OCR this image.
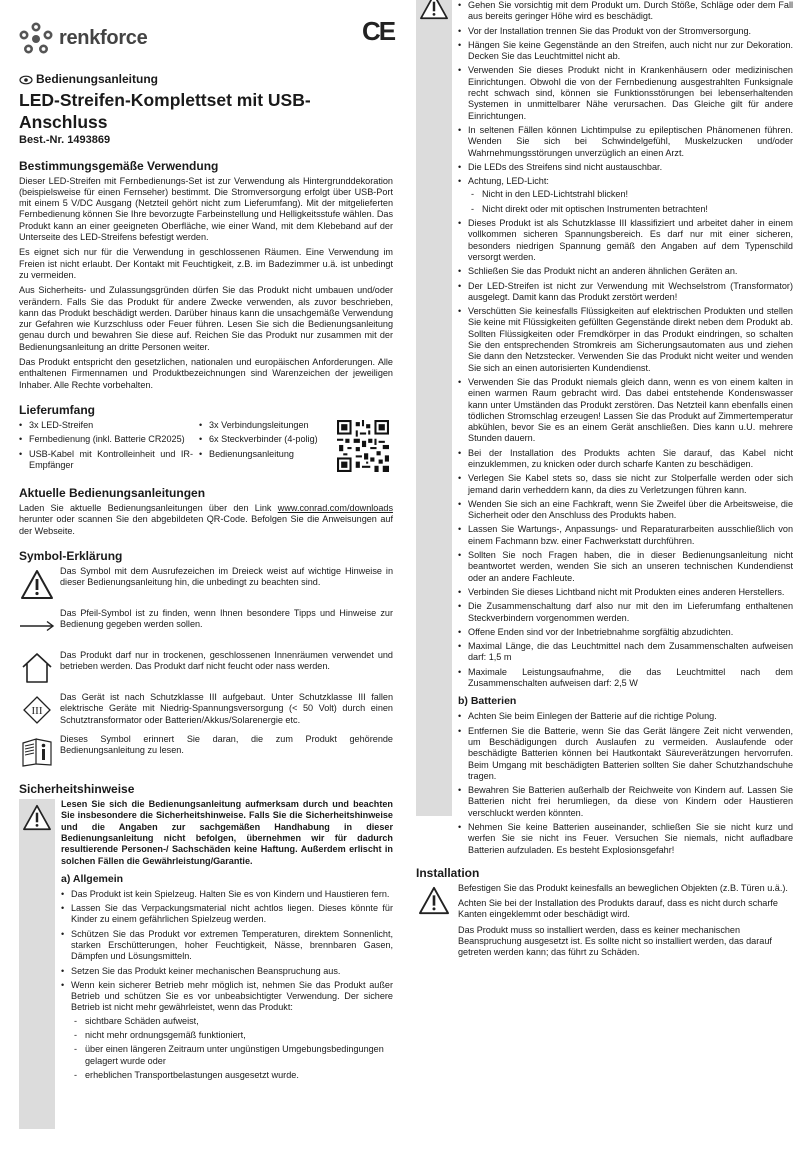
renkforce	CE
Bedienungsanleitung
LED-Streifen-Komplettset mit USB-Anschluss
Best.-Nr. 1493869
Bestimmungsgemäße Verwendung

Dieser LED-Streifen mit Fernbedienungs-Set ist zur Verwendung als Hintergrunddekoration (beispielsweise für einen Fernseher) bestimmt. Die Stromversorgung erfolgt über USB-Port mit einem 5 V/DC Ausgang (Netzteil gehört nicht zum Lieferumfang). Mit der mitgelieferten Fernbedienung können Sie Ihre bevorzugte Farbeinstellung und Helligkeitsstufe wählen. Das Produkt kann an einer geeigneten Oberfläche, wie einer Wand, mit dem Klebeband auf der Unterseite des LED-Streifens befestigt werden.

Es eignet sich nur für die Verwendung in geschlossenen Räumen. Eine Verwendung im Freien ist nicht erlaubt. Der Kontakt mit Feuchtigkeit, z.B. im Badezimmer u.ä. ist unbedingt zu vermeiden.

Aus Sicherheits- und Zulassungsgründen dürfen Sie das Produkt nicht umbauen und/oder verändern. Falls Sie das Produkt für andere Zwecke verwenden, als zuvor beschrieben, kann das Produkt beschädigt werden. Darüber hinaus kann die unsachgemäße Verwendung zur Gefahren wie Kurzschluss oder Feuer führen. Lesen Sie sich die Bedienungsanleitung genau durch und bewahren Sie diese auf. Reichen Sie das Produkt nur zusammen mit der Bedienungsanleitung an dritte Personen weiter.

Das Produkt entspricht den gesetzlichen, nationalen und europäischen Anforderungen. Alle enthaltenen Firmennamen und Produktbezeichnungen sind Warenzeichen der jeweiligen Inhaber. Alle Rechte vorbehalten.

Lieferumfang
• 3x LED-Streifen
• Fernbedienung (inkl. Batterie CR2025)
• USB-Kabel mit Kontrolleinheit und IR-Empfänger
• 3x Verbindungsleitungen
• 6x Steckverbinder (4-polig)
• Bedienungsanleitung
Aktuelle Bedienungsanleitungen

Laden Sie aktuelle Bedienungsanleitungen über den Link www.conrad.com/downloads herunter oder scannen Sie den abgebildeten QR-Code. Befolgen Sie die Anweisungen auf der Webseite.

Symbol-Erklärung
Das Symbol mit dem Ausrufezeichen im Dreieck weist auf wichtige Hinweise in dieser Bedienungsanleitung hin, die unbedingt zu beachten sind.
Das Pfeil-Symbol ist zu finden, wenn Ihnen besondere Tipps und Hinweise zur Bedienung gegeben werden sollen.
Das Produkt darf nur in trockenen, geschlossenen Innenräumen verwendet und betrieben werden. Das Produkt darf nicht feucht oder nass werden.
III
Das Gerät ist nach Schutzklasse III aufgebaut. Unter Schutzklasse III fallen elektrische Geräte mit Niedrig-Spannungsversorgung (< 50 Volt) durch einen Schutztransformator oder Batterien/Akkus/Solarenergie etc.
Dieses Symbol erinnert Sie daran, die zum Produkt gehörende Bedienungsanleitung zu lesen.
Sicherheitshinweise
Lesen Sie sich die Bedienungsanleitung aufmerksam durch und beachten Sie insbesondere die Sicherheitshinweise. Falls Sie die Sicherheitshinweise und die Angaben zur sachgemäßen Handhabung in dieser Bedienungsanleitung nicht befolgen, übernehmen wir für dadurch resultierende Personen-/ Sachschäden keine Haftung. Außerdem erlischt in solchen Fällen die Gewährleistung/Garantie.
a) Allgemein
• Das Produkt ist kein Spielzeug. Halten Sie es von Kindern und Haustieren fern.
• Lassen Sie das Verpackungsmaterial nicht achtlos liegen. Dieses könnte für Kinder zu einem gefährlichen Spielzeug werden.
• Schützen Sie das Produkt vor extremen Temperaturen, direktem Sonnenlicht, starken Erschütterungen, hoher Feuchtigkeit, Nässe, brennbaren Gasen, Dämpfen und Lösungsmitteln.
• Setzen Sie das Produkt keiner mechanischen Beanspruchung aus.
• Wenn kein sicherer Betrieb mehr möglich ist, nehmen Sie das Produkt außer Betrieb und schützen Sie es vor unbeabsichtigter Verwendung. Der sichere Betrieb ist nicht mehr gewährleistet, wenn das Produkt:
- sichtbare Schäden aufweist,
- nicht mehr ordnungsgemäß funktioniert,
- über einen längeren Zeitraum unter ungünstigen Umgebungsbedingungen gelagert wurde oder
- erheblichen Transportbelastungen ausgesetzt wurde.
• Gehen Sie vorsichtig mit dem Produkt um. Durch Stöße, Schläge oder dem Fall aus bereits geringer Höhe wird es beschädigt.
• Vor der Installation trennen Sie das Produkt von der Stromversorgung.
• Hängen Sie keine Gegenstände an den Streifen, auch nicht nur zur Dekoration. Decken Sie das Leuchtmittel nicht ab.
• Verwenden Sie dieses Produkt nicht in Krankenhäusern oder medizinischen Einrichtungen. Obwohl die von der Fernbedienung ausgestrahlten Funksignale recht schwach sind, können sie Funktionsstörungen bei lebenserhaltenden Systemen in unmittelbarer Nähe verursachen. Das Gleiche gilt für andere Einrichtungen.
• In seltenen Fällen können Lichtimpulse zu epileptischen Phänomenen führen. Wenden Sie sich bei Schwindelgefühl, Muskelzucken und/oder Wahrnehmungsstörungen unverzüglich an einen Arzt.
• Die LEDs des Streifens sind nicht austauschbar.
• Achtung, LED-Licht:
- Nicht in den LED-Lichtstrahl blicken!
- Nicht direkt oder mit optischen Instrumenten betrachten!
• Dieses Produkt ist als Schutzklasse III klassifiziert und arbeitet daher in einem vollkommen sicheren Spannungsbereich. Es darf nur mit einer sicheren, besonders niedrigen Spannung gemäß den Angaben auf dem Typenschild versorgt werden.
• Schließen Sie das Produkt nicht an anderen ähnlichen Geräten an.
• Der LED-Streifen ist nicht zur Verwendung mit Wechselstrom (Transformator) ausgelegt. Damit kann das Produkt zerstört werden!
• Verschütten Sie keinesfalls Flüssigkeiten auf elektrischen Produkten und stellen Sie keine mit Flüssigkeiten gefüllten Gegenstände direkt neben dem Produkt ab. Sollten Flüssigkeiten oder Fremdkörper in das Produkt eindringen, so schalten Sie den entsprechenden Stromkreis am Sicherungsautomaten aus und ziehen Sie dann den Netzstecker. Verwenden Sie das Produkt nicht weiter und wenden Sie sich an einen autorisierten Kundendienst.
• Verwenden Sie das Produkt niemals gleich dann, wenn es von einem kalten in einen warmen Raum gebracht wird. Das dabei entstehende Kondenswasser kann unter Umständen das Produkt zerstören. Das Netzteil kann ebenfalls einen tödlichen Stromschlag erzeugen! Lassen Sie das Produkt auf Zimmertemperatur abkühlen, bevor Sie es an einem Gerät anschließen. Dies kann u.U. mehrere Stunden dauern.
• Bei der Installation des Produkts achten Sie darauf, das Kabel nicht einzuklemmen, zu knicken oder durch scharfe Kanten zu beschädigen.
• Verlegen Sie Kabel stets so, dass sie nicht zur Stolperfalle werden oder sich jemand darin verheddern kann, da dies zu Verletzungen führen kann.
• Wenden Sie sich an eine Fachkraft, wenn Sie Zweifel über die Arbeitsweise, die Sicherheit oder den Anschluss des Produkts haben.
• Lassen Sie Wartungs-, Anpassungs- und Reparaturarbeiten ausschließlich von einem Fachmann bzw. einer Fachwerkstatt durchführen.
• Sollten Sie noch Fragen haben, die in dieser Bedienungsanleitung nicht beantwortet werden, wenden Sie sich an unseren technischen Kundendienst oder an andere Fachleute.
• Verbinden Sie dieses Lichtband nicht mit Produkten eines anderen Herstellers.
• Die Zusammenschaltung darf also nur mit den im Lieferumfang enthaltenen Steckverbindern vorgenommen werden.
• Offene Enden sind vor der Inbetriebnahme sorgfältig abzudichten.
• Maximal Länge, die das Leuchtmittel nach dem Zusammenschalten aufweisen darf: 1,5 m
• Maximale Leistungsaufnahme, die das Leuchtmittel nach dem Zusammenschalten aufweisen darf: 2,5 W
b) Batterien
• Achten Sie beim Einlegen der Batterie auf die richtige Polung.
• Entfernen Sie die Batterie, wenn Sie das Gerät längere Zeit nicht verwenden, um Beschädigungen durch Auslaufen zu vermeiden. Auslaufende oder beschädigte Batterien können bei Hautkontakt Säureverätzungen hervorrufen. Beim Umgang mit beschädigten Batterien sollten Sie daher Schutzhandschuhe tragen.
• Bewahren Sie Batterien außerhalb der Reichweite von Kindern auf. Lassen Sie Batterien nicht frei herumliegen, da diese von Kindern oder Haustieren verschluckt werden könnten.
• Nehmen Sie keine Batterien auseinander, schließen Sie sie nicht kurz und werfen Sie sie nicht ins Feuer. Versuchen Sie niemals, nicht aufladbare Batterien aufzuladen. Es besteht Explosionsgefahr!
Installation

Befestigen Sie das Produkt keinesfalls an beweglichen Objekten (z.B. Türen u.ä.).

Achten Sie bei der Installation des Produkts darauf, dass es nicht durch scharfe Kanten eingeklemmt oder beschädigt wird.

Das Produkt muss so installiert werden, dass es keiner mechanischen Beanspruchung ausgesetzt ist. Es sollte nicht so installiert werden, das darauf getreten werden kann; das führt zu Schäden.
